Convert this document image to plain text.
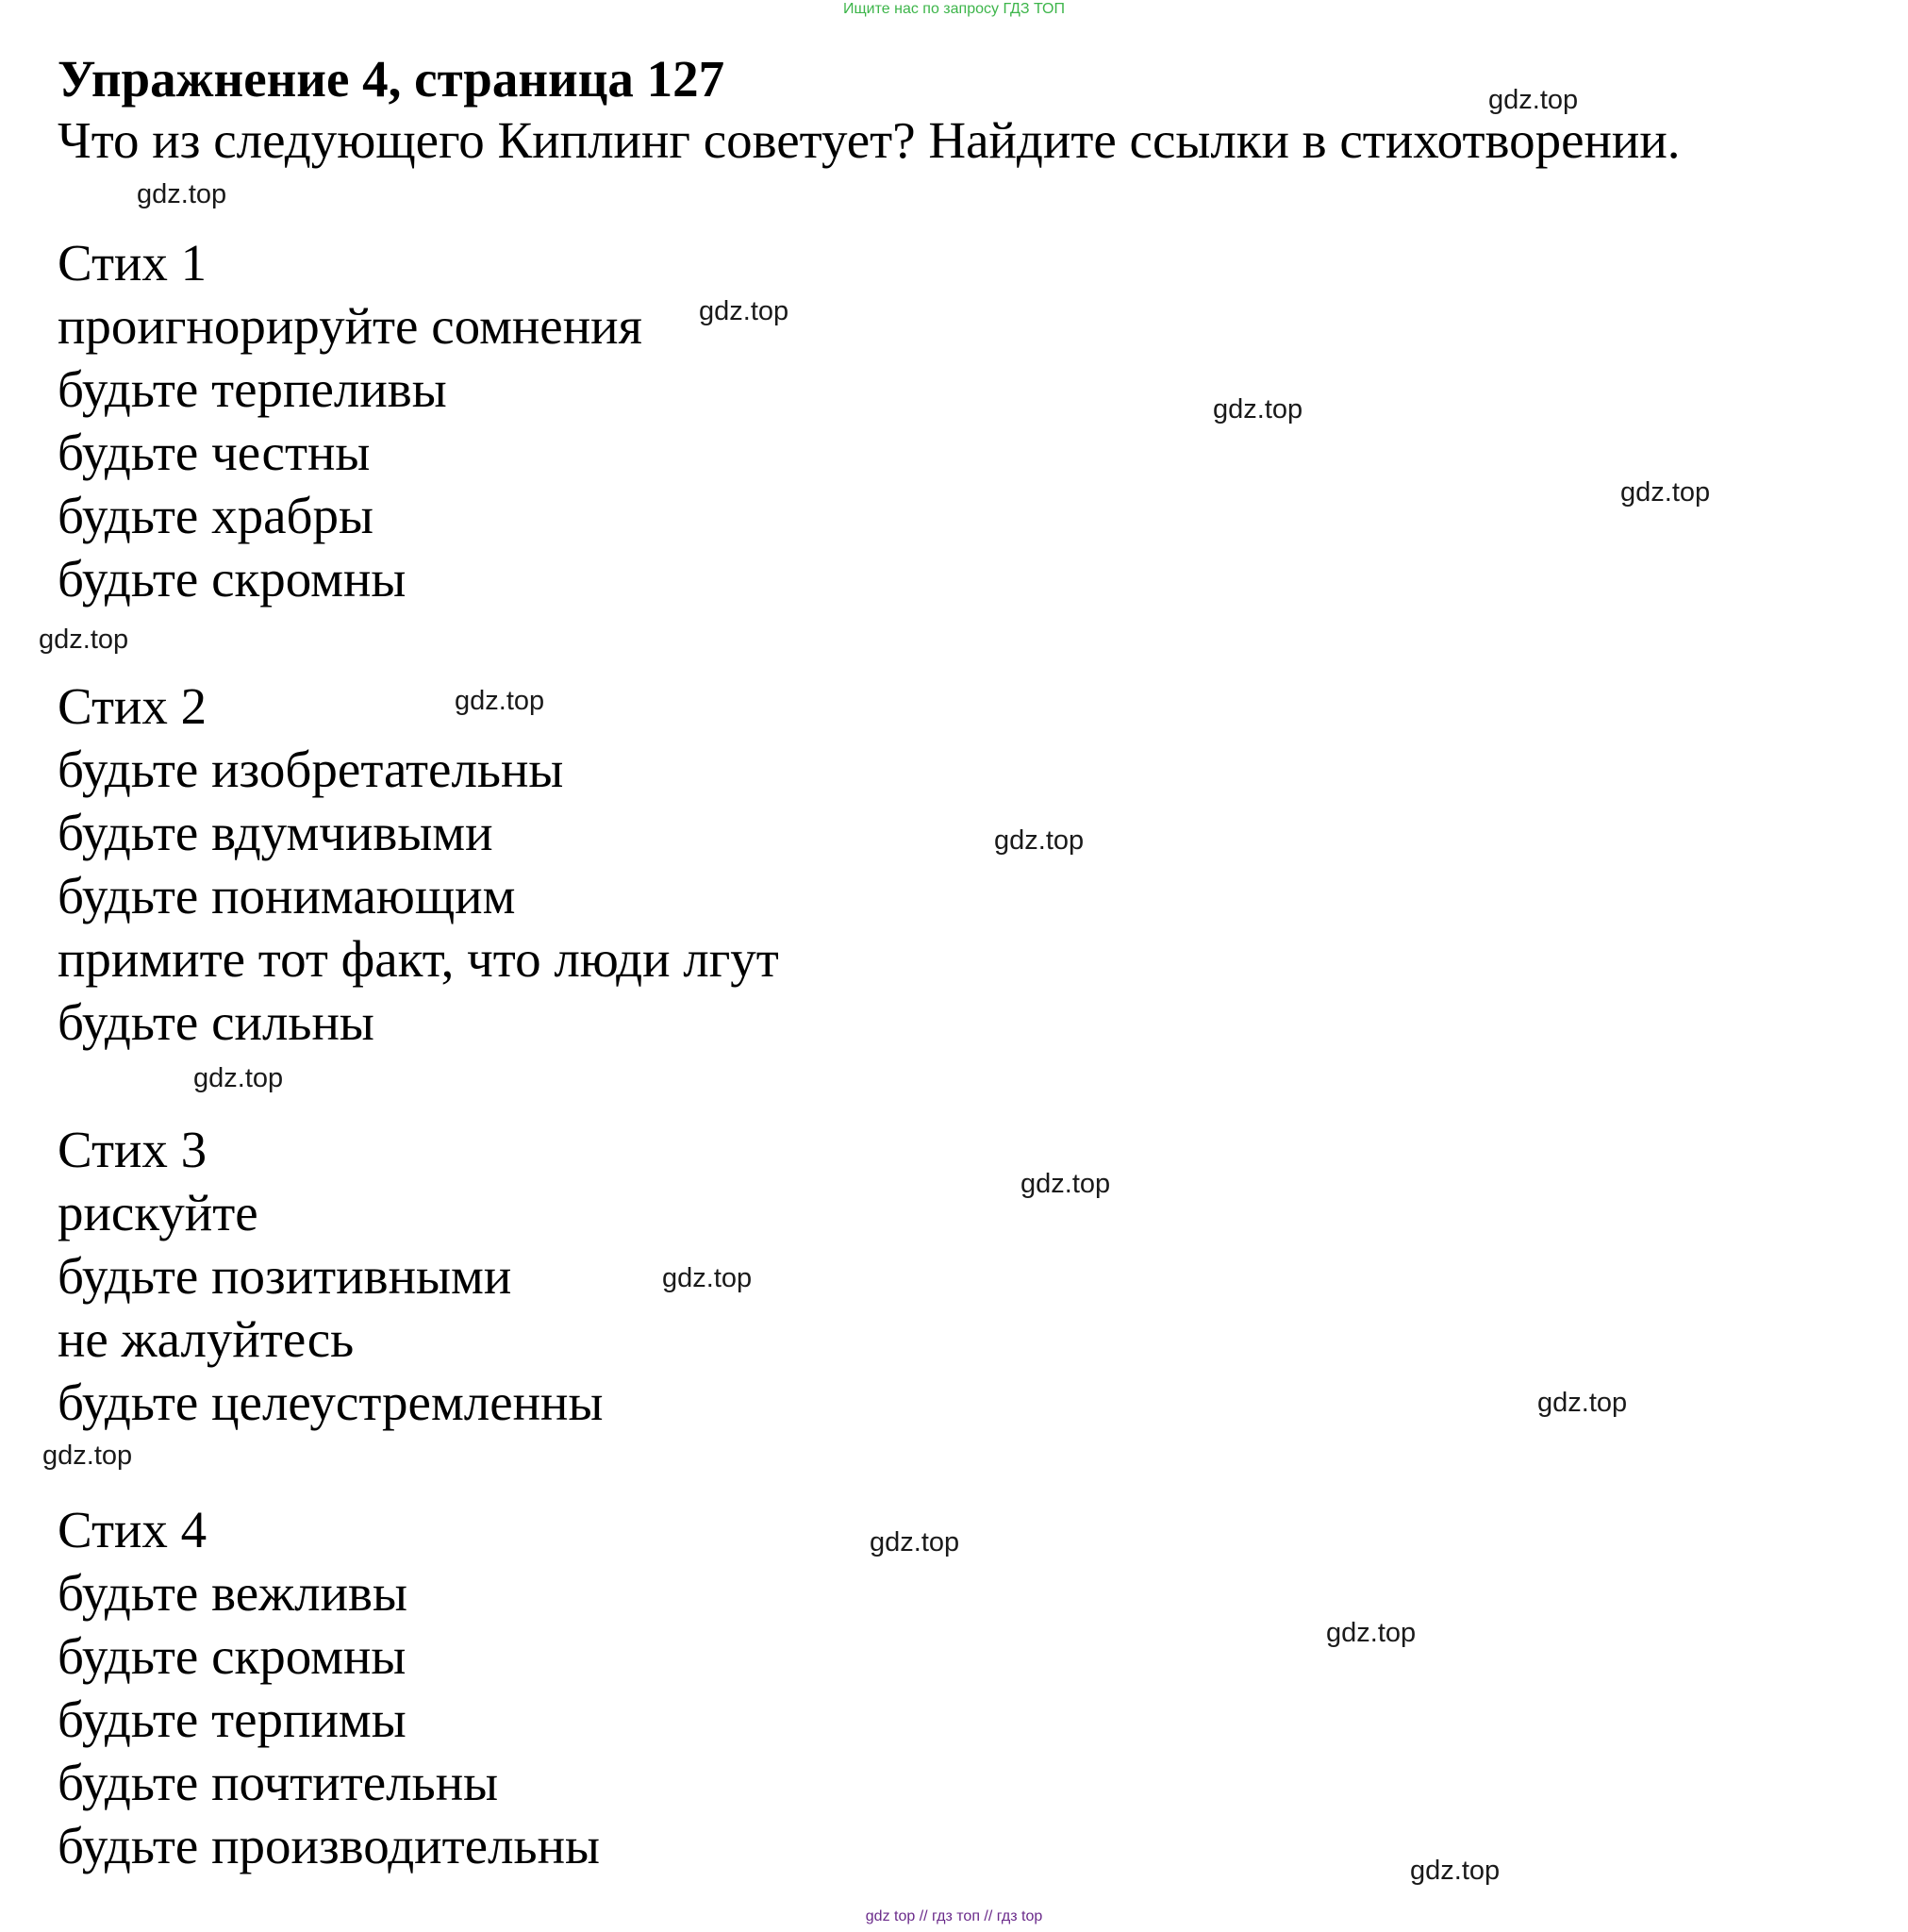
Ищите нас по запросу ГДЗ ТОП
Упражнение 4, страница 127
Что из следующего Киплинг советует? Найдите ссылки в стихотворении.
Стих 1
проигнорируйте сомнения
будьте терпеливы
будьте честны
будьте храбры
будьте скромны
Стих 2
будьте изобретательны
будьте вдумчивыми
будьте понимающим
примите тот факт, что люди лгут
будьте сильны
Стих 3
рискуйте
будьте позитивными
не жалуйтесь
будьте целеустремленны
Стих 4
будьте вежливы
будьте скромны
будьте терпимы
будьте почтительны
будьте производительны
gdz.top
gdz.top
gdz.top
gdz.top
gdz.top
gdz.top
gdz.top
gdz.top
gdz.top
gdz.top
gdz.top
gdz.top
gdz.top
gdz.top
gdz.top
gdz.top
gdz top // гдз топ // гдз top
